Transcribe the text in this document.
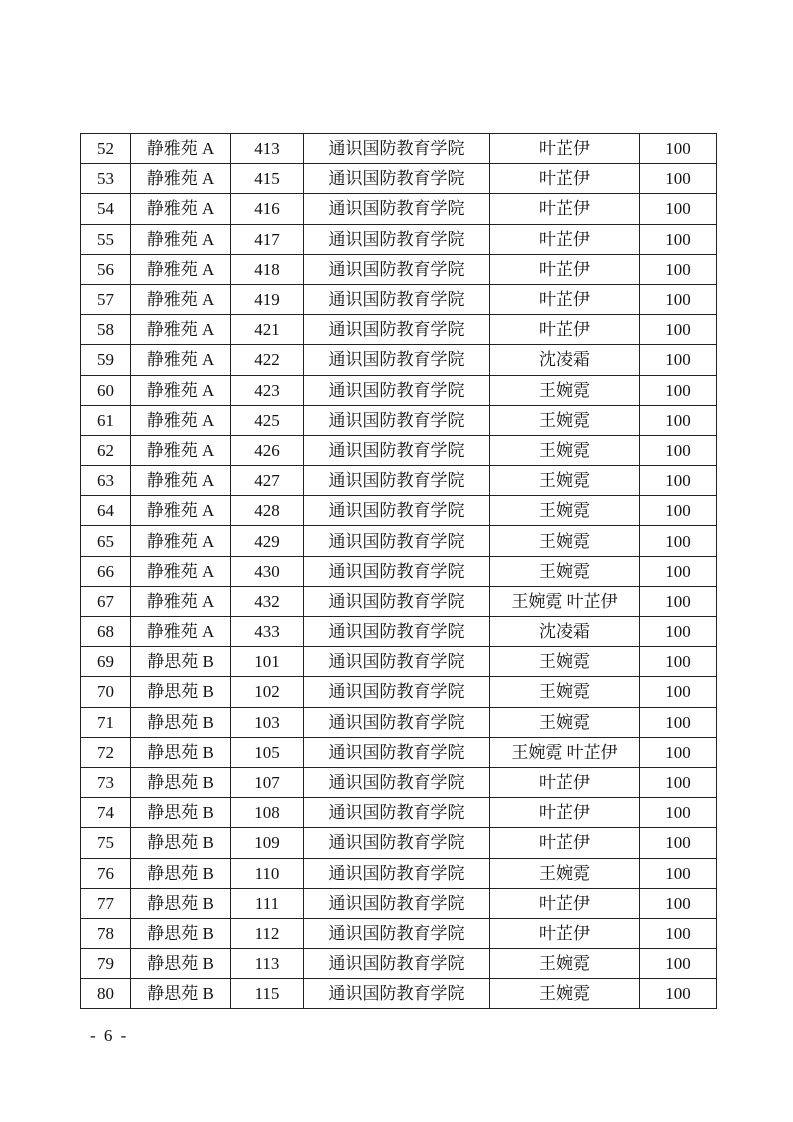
52	静雅苑 A	413	通识国防教育学院	叶芷伊	100
53	静雅苑 A	415	通识国防教育学院	叶芷伊	100
54	静雅苑 A	416	通识国防教育学院	叶芷伊	100
55	静雅苑 A	417	通识国防教育学院	叶芷伊	100
56	静雅苑 A	418	通识国防教育学院	叶芷伊	100
57	静雅苑 A	419	通识国防教育学院	叶芷伊	100
58	静雅苑 A	421	通识国防教育学院	叶芷伊	100
59	静雅苑 A	422	通识国防教育学院	沈凌霜	100
60	静雅苑 A	423	通识国防教育学院	王婉霓	100
61	静雅苑 A	425	通识国防教育学院	王婉霓	100
62	静雅苑 A	426	通识国防教育学院	王婉霓	100
63	静雅苑 A	427	通识国防教育学院	王婉霓	100
64	静雅苑 A	428	通识国防教育学院	王婉霓	100
65	静雅苑 A	429	通识国防教育学院	王婉霓	100
66	静雅苑 A	430	通识国防教育学院	王婉霓	100
67	静雅苑 A	432	通识国防教育学院	王婉霓 叶芷伊	100
68	静雅苑 A	433	通识国防教育学院	沈凌霜	100
69	静思苑 B	101	通识国防教育学院	王婉霓	100
70	静思苑 B	102	通识国防教育学院	王婉霓	100
71	静思苑 B	103	通识国防教育学院	王婉霓	100
72	静思苑 B	105	通识国防教育学院	王婉霓 叶芷伊	100
73	静思苑 B	107	通识国防教育学院	叶芷伊	100
74	静思苑 B	108	通识国防教育学院	叶芷伊	100
75	静思苑 B	109	通识国防教育学院	叶芷伊	100
76	静思苑 B	110	通识国防教育学院	王婉霓	100
77	静思苑 B	111	通识国防教育学院	叶芷伊	100
78	静思苑 B	112	通识国防教育学院	叶芷伊	100
79	静思苑 B	113	通识国防教育学院	王婉霓	100
80	静思苑 B	115	通识国防教育学院	王婉霓	100
- 6 -
